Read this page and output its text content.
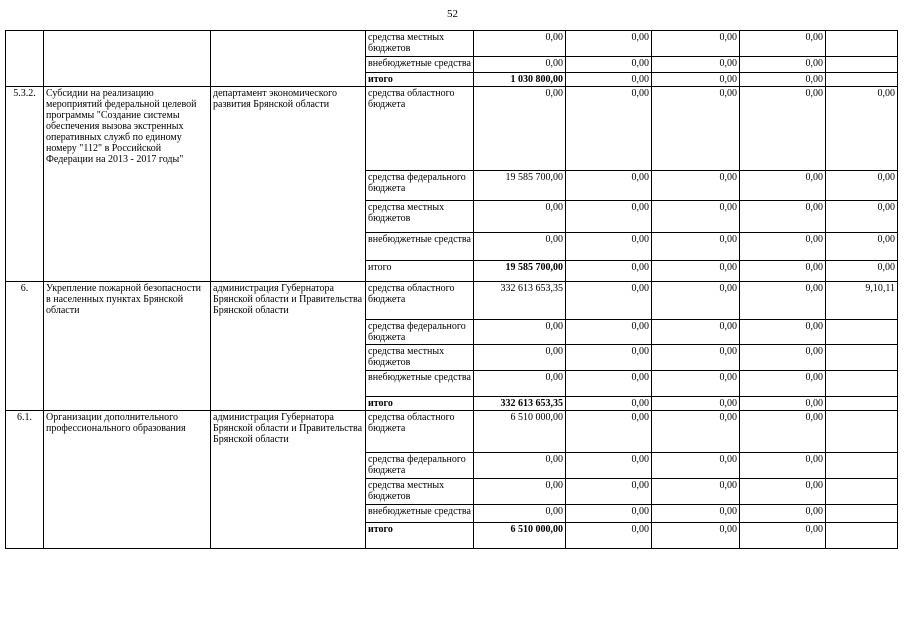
52
			средства местных бюджетов	0,00	0,00	0,00	0,00	
			внебюджетные средства	0,00	0,00	0,00	0,00	
			итого	1 030 800,00	0,00	0,00	0,00	
5.3.2.	Субсидии на реализацию мероприятий федеральной целевой программы "Создание системы обеспечения вызова экстренных оперативных служб по единому номеру "112" в Российской Федерации на 2013 - 2017 годы"	департамент экономического развития Брянской области	средства областного бюджета	0,00	0,00	0,00	0,00	0,00
			средства федерального бюджета	19 585 700,00	0,00	0,00	0,00	0,00
			средства местных бюджетов	0,00	0,00	0,00	0,00	0,00
			внебюджетные средства	0,00	0,00	0,00	0,00	0,00
			итого	19 585 700,00	0,00	0,00	0,00	0,00
6.	Укрепление пожарной безопасности в населенных пунктах Брянской области	администрация Губернатора Брянской области и Правительства Брянской области	средства областного бюджета	332 613 653,35	0,00	0,00	0,00	9,10,11
			средства федерального бюджета	0,00	0,00	0,00	0,00	
			средства местных бюджетов	0,00	0,00	0,00	0,00	
			внебюджетные средства	0,00	0,00	0,00	0,00	
			итого	332 613 653,35	0,00	0,00	0,00	
6.1.	Организации дополнительного профессионального образования	администрация Губернатора Брянской области и Правительства Брянской области	средства областного бюджета	6 510 000,00	0,00	0,00	0,00	
			средства федерального бюджета	0,00	0,00	0,00	0,00	
			средства местных бюджетов	0,00	0,00	0,00	0,00	
			внебюджетные средства	0,00	0,00	0,00	0,00	
			итого	6 510 000,00	0,00	0,00	0,00	
